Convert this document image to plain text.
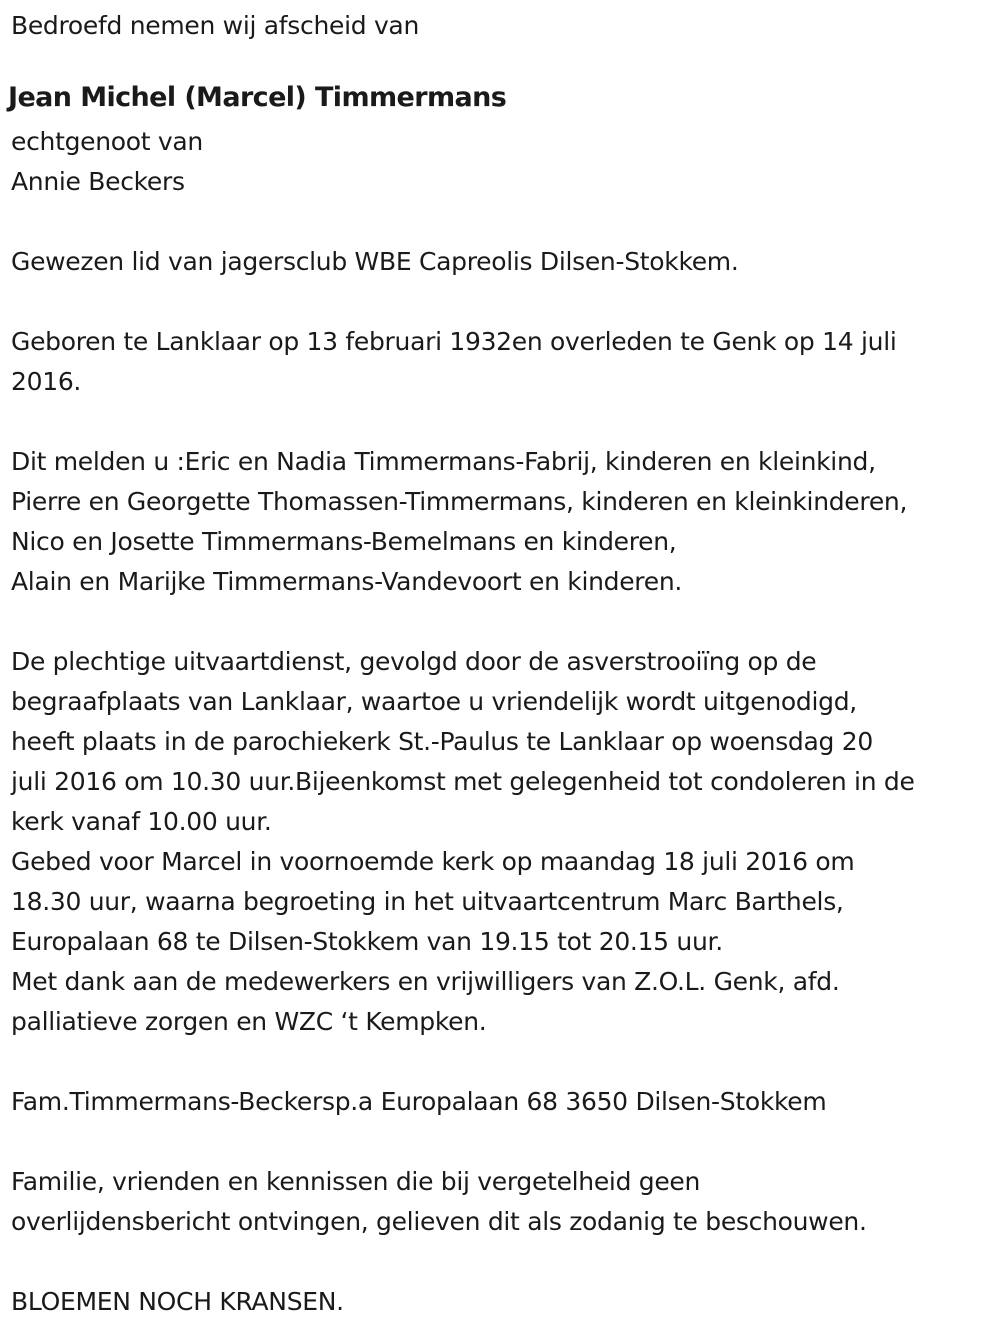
Bedroefd nemen wij afscheid van
Jean Michel (Marcel) Timmermans
echtgenoot van
Annie Beckers
Gewezen lid van jagersclub WBE Capreolis Dilsen-Stokkem.
Geboren te Lanklaar op 13 februari 1932en overleden te Genk op 14 juli
2016.
Dit melden u :Eric en Nadia Timmermans-Fabrij, kinderen en kleinkind,
Pierre en Georgette Thomassen-Timmermans, kinderen en kleinkinderen,
Nico en Josette Timmermans-Bemelmans en kinderen,
Alain en Marijke Timmermans-Vandevoort en kinderen.
De plechtige uitvaartdienst, gevolgd door de asverstrooiïng op de
begraafplaats van Lanklaar, waartoe u vriendelijk wordt uitgenodigd,
heeft plaats in de parochiekerk St.-Paulus te Lanklaar op woensdag 20
juli 2016 om 10.30 uur.Bijeenkomst met gelegenheid tot condoleren in de
kerk vanaf 10.00 uur.
Gebed voor Marcel in voornoemde kerk op maandag 18 juli 2016 om
18.30 uur, waarna begroeting in het uitvaartcentrum Marc Barthels,
Europalaan 68 te Dilsen-Stokkem van 19.15 tot 20.15 uur.
Met dank aan de medewerkers en vrijwilligers van Z.O.L. Genk, afd.
palliatieve zorgen en WZC ‘t Kempken.
Fam.Timmermans-Beckersp.a Europalaan 68 3650 Dilsen-Stokkem
Familie, vrienden en kennissen die bij vergetelheid geen
overlijdensbericht ontvingen, gelieven dit als zodanig te beschouwen.
BLOEMEN NOCH KRANSEN.
